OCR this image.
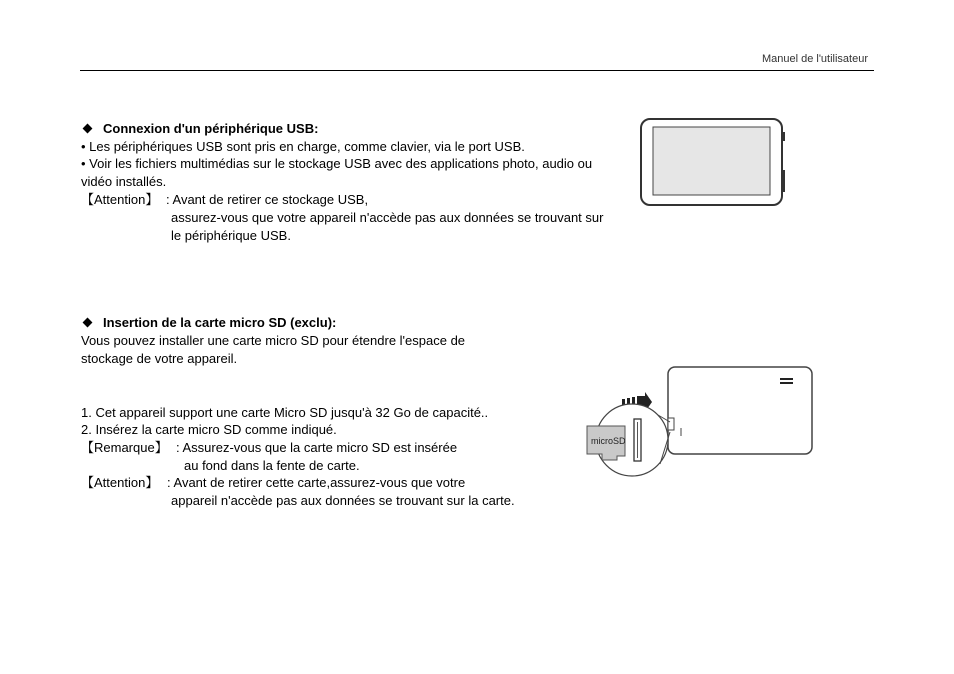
Manuel de l'utilisateur
Connexion d'un périphérique USB:
• Les périphériques USB sont pris en charge, comme clavier, via le port USB.
• Voir les fichiers multimédias sur le stockage USB avec des applications photo, audio ou
vidéo installés.
【Attention】 : Avant de retirer ce stockage USB,
assurez-vous que votre appareil n'accède pas aux données se trouvant sur
le périphérique USB.
Insertion de la carte micro SD (exclu):
Vous pouvez installer une carte micro SD pour étendre l'espace de
stockage de votre appareil.
1. Cet appareil support une carte Micro SD jusqu'à 32 Go de capacité..
2. Insérez la carte micro SD comme indiqué.
【Remarque】 : Assurez-vous que la carte micro SD est insérée
au fond dans la fente de carte.
【Attention】 : Avant de retirer cette carte,assurez-vous que votre
appareil n'accède pas aux données se trouvant sur la carte.
microSD
